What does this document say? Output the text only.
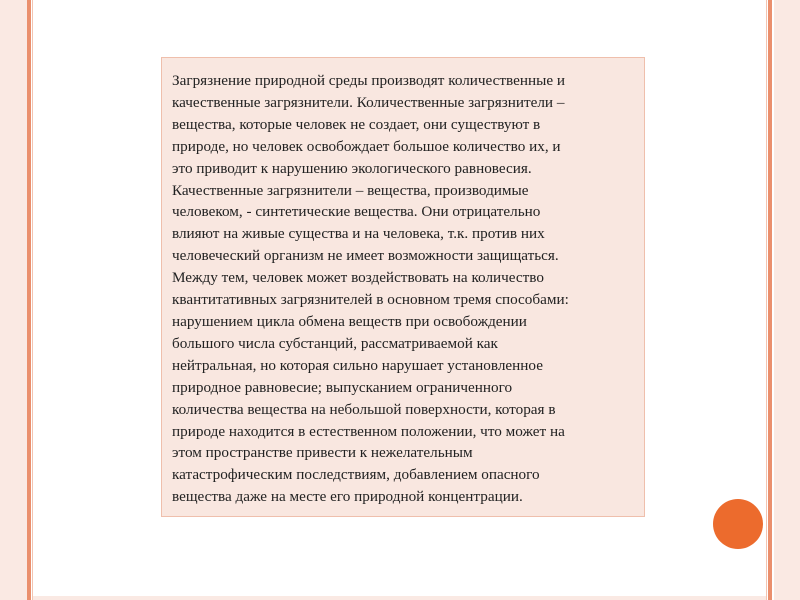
Загрязнение природной среды производят количественные и
качественные загрязнители. Количественные загрязнители –
вещества, которые человек не создает, они существуют в
природе, но человек освобождает большое количество их, и
это приводит к нарушению экологического равновесия.
Качественные загрязнители – вещества, производимые
человеком, - синтетические вещества. Они отрицательно
влияют на живые существа и на человека, т.к. против них
человеческий организм не имеет возможности защищаться.
Между тем, человек может воздействовать на количество
квантитативных загрязнителей в основном тремя способами:
нарушением цикла обмена веществ при освобождении
большого числа субстанций, рассматриваемой как
нейтральная, но которая сильно нарушает установленное
природное равновесие; выпусканием ограниченного
количества вещества на небольшой поверхности, которая в
природе находится в естественном положении, что может на
этом пространстве привести к нежелательным
катастрофическим последствиям, добавлением опасного
вещества даже на месте его природной концентрации.
